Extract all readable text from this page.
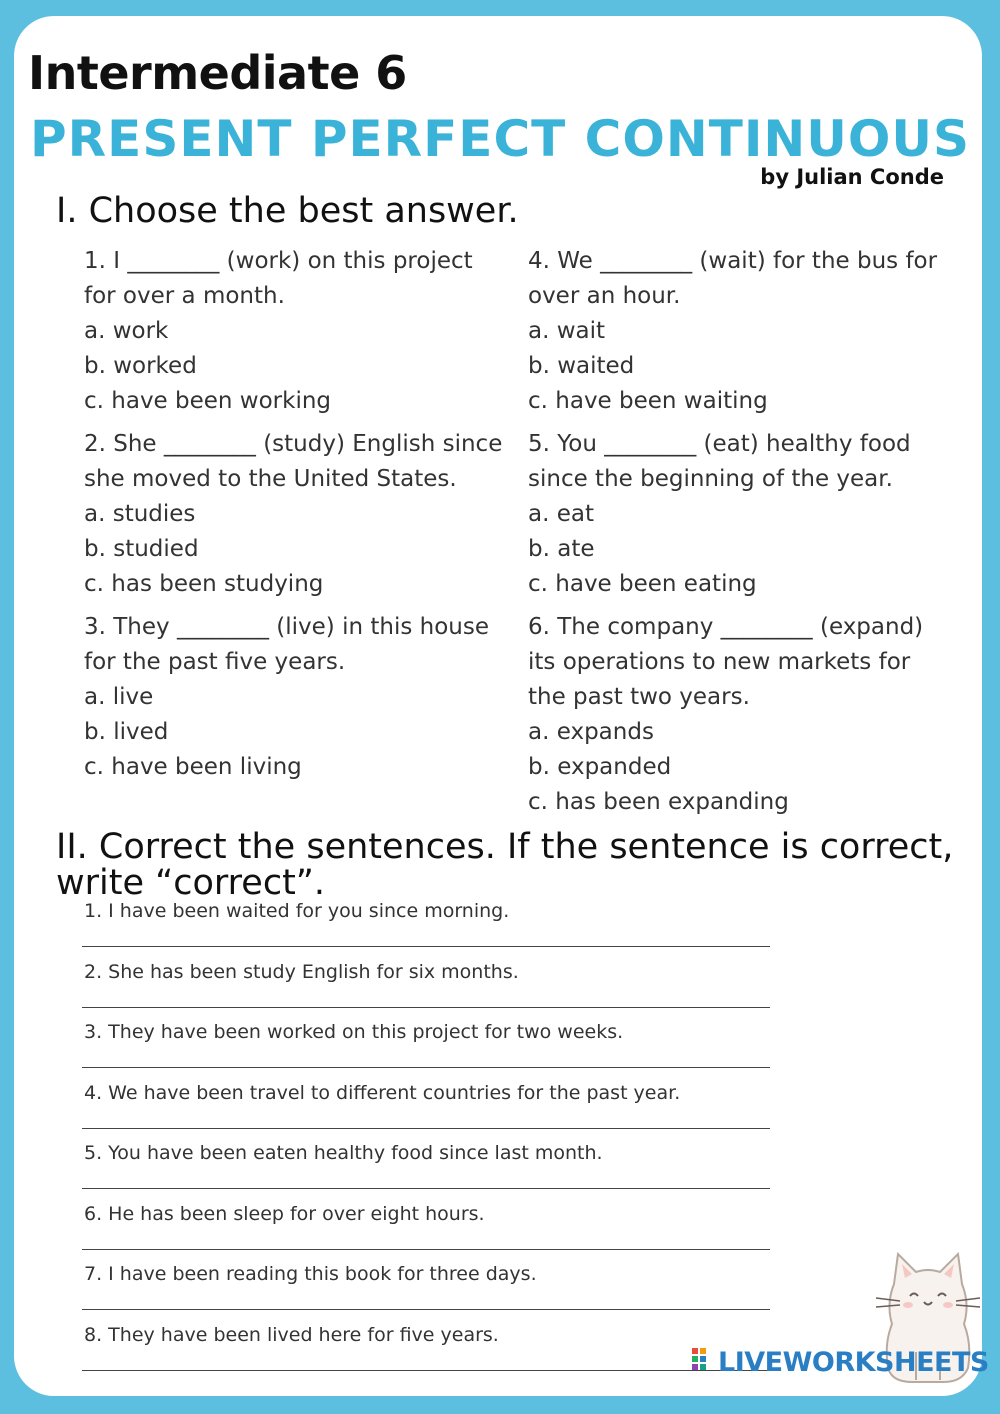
Intermediate 6
PRESENT PERFECT CONTINUOUS
by Julian Conde
I. Choose the best answer.
1. I ________ (work) on this project for over a month.
a. work
b. worked
c. have been working
2. She ________ (study) English since she moved to the United States.
a. studies
b. studied
c. has been studying
3. They ________ (live) in this house for the past five years.
a. live
b. lived
c. have been living
4. We ________ (wait) for the bus for over an hour.
a. wait
b. waited
c. have been waiting
5. You ________ (eat) healthy food since the beginning of the year.
a. eat
b. ate
c. have been eating
6. The company ________ (expand) its operations to new markets for the past two years.
a. expands
b. expanded
c. has been expanding
II. Correct the sentences. If the sentence is correct, write “correct”.
1. I have been waited for you since morning.
2. She has been study English for six months.
3. They have been worked on this project for two weeks.
4. We have been travel to different countries for the past year.
5. You have been eaten healthy food since last month.
6. He has been sleep for over eight hours.
7. I have been reading this book for three days.
8. They have been lived here for five years.
LIVEWORKSHEETS
